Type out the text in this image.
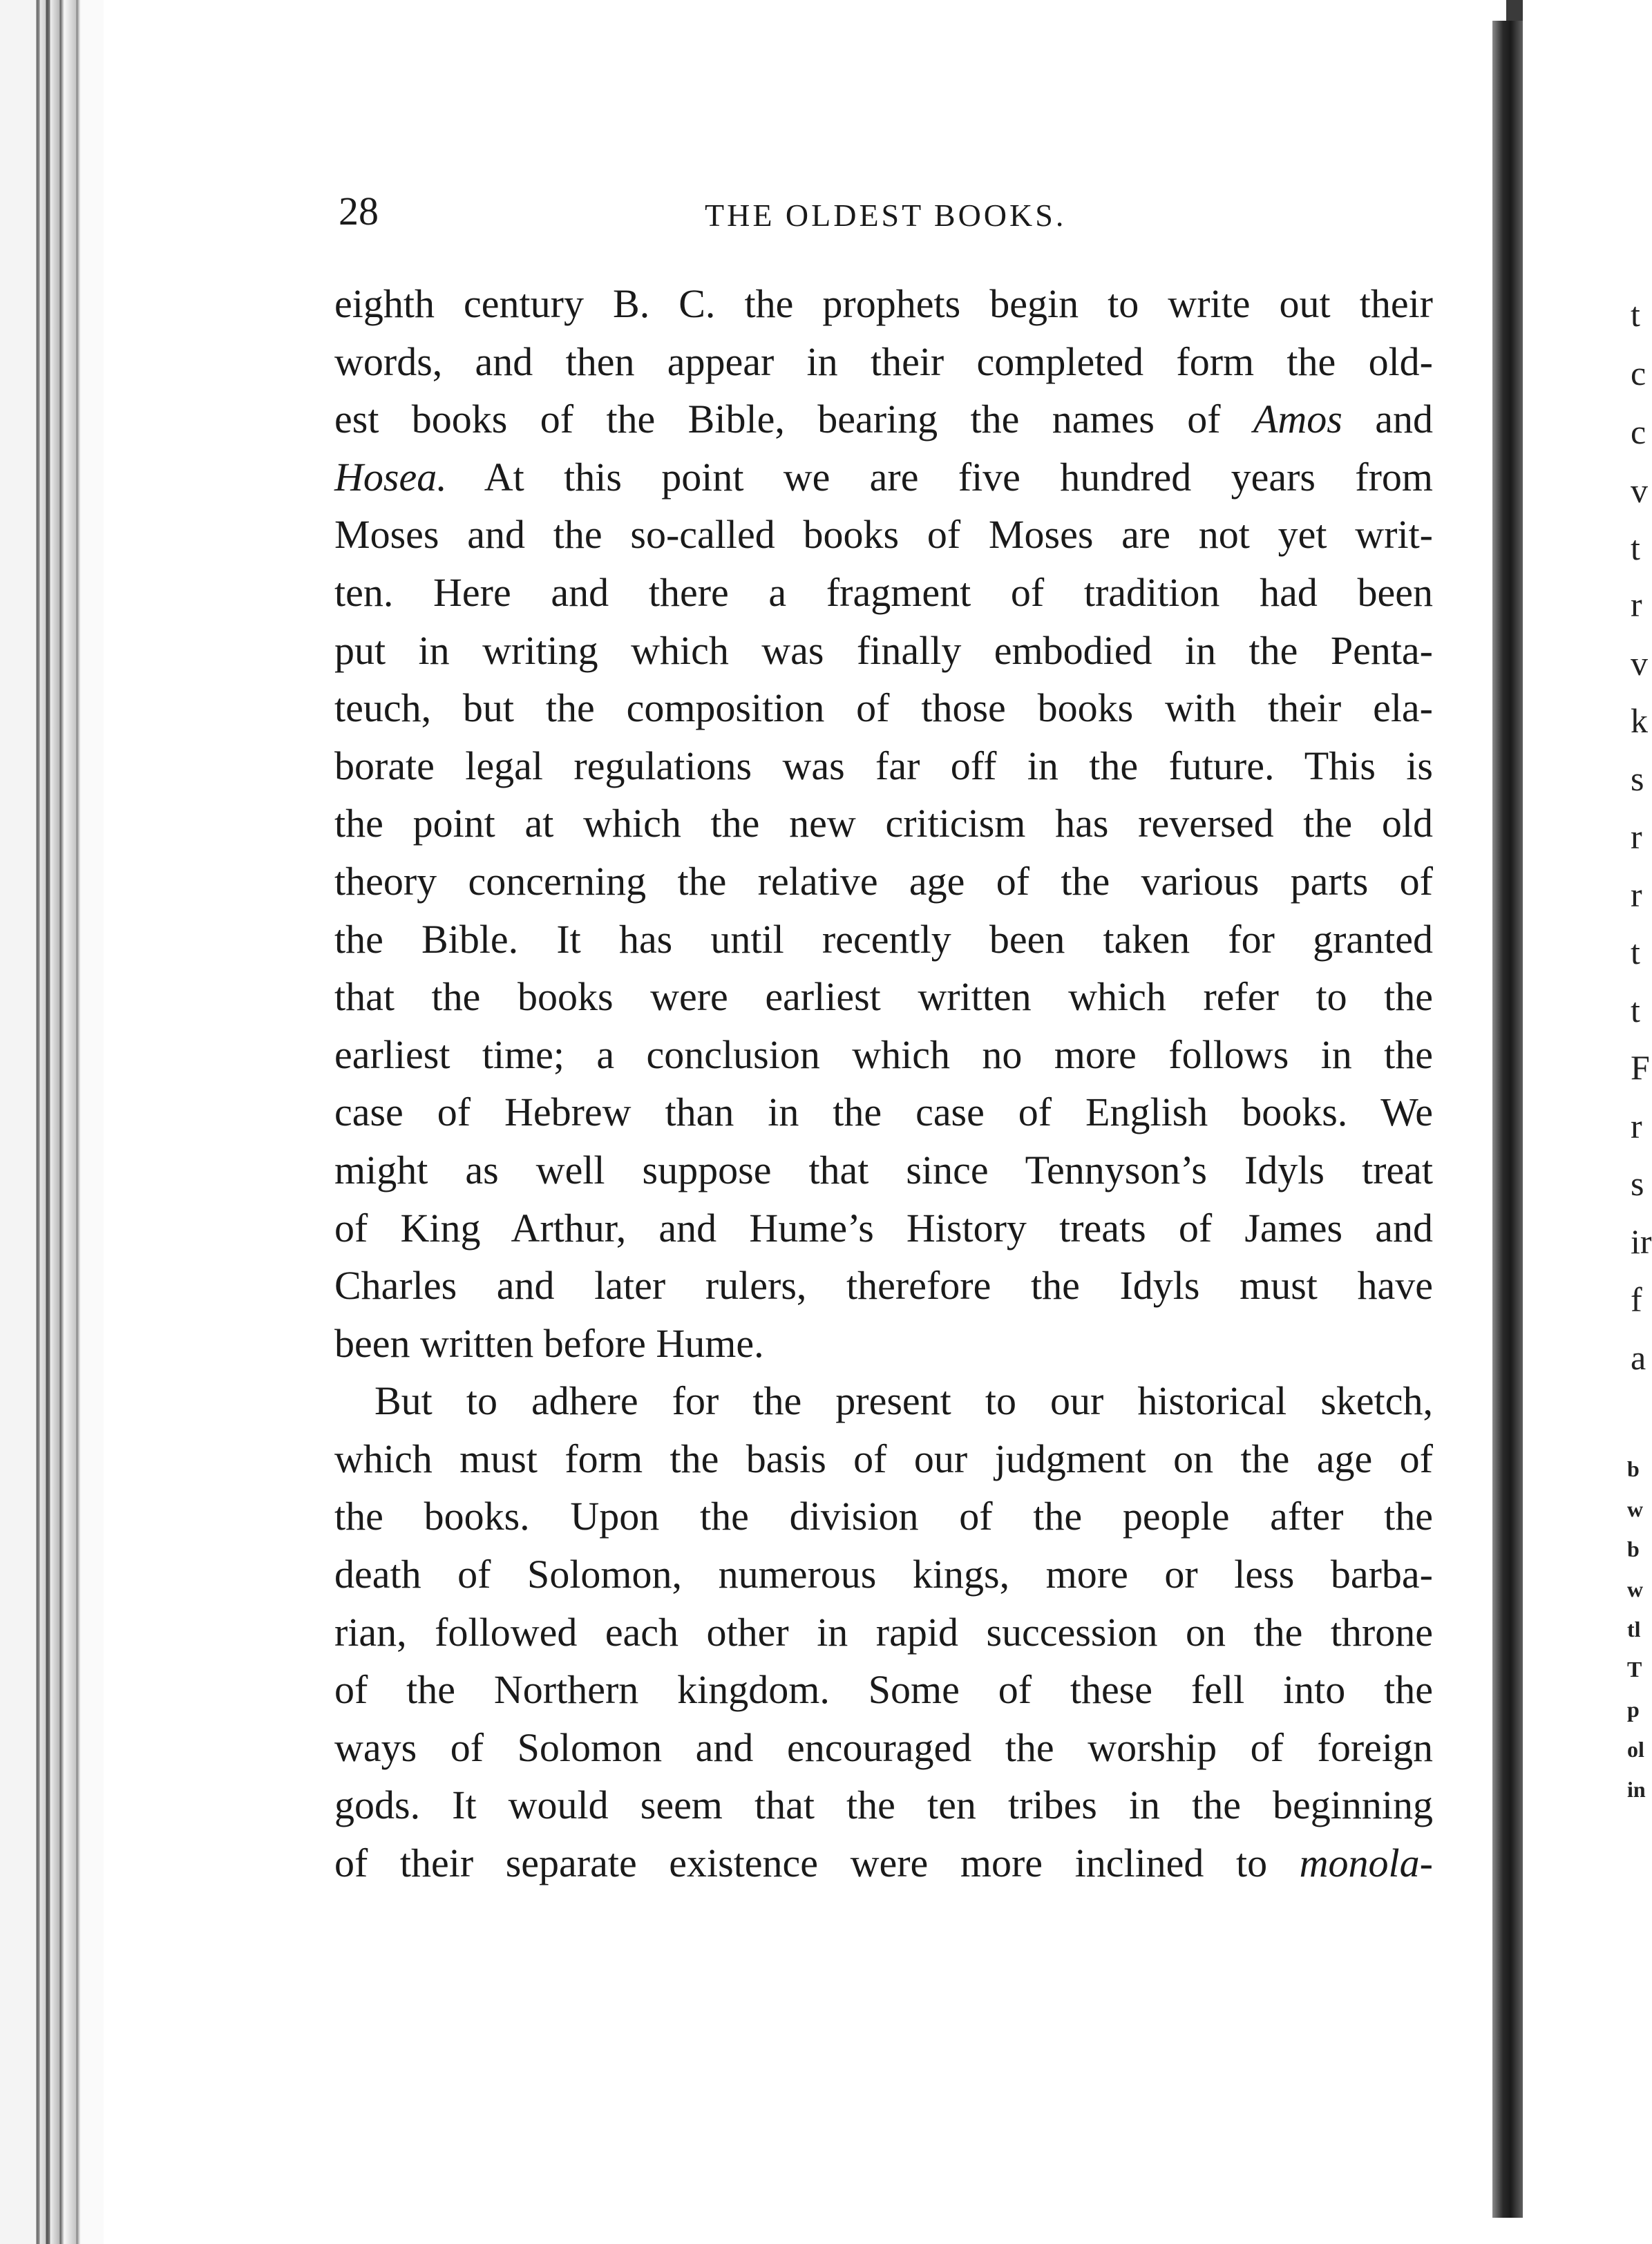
28	THE OLDEST BOOKS.
eighth century B. C. the prophets begin to write out their
words, and then appear in their completed form the old-
est books of the Bible, bearing the names of Amos and
Hosea. At this point we are five hundred years from
Moses and the so-called books of Moses are not yet writ-
ten. Here and there a fragment of tradition had been
put in writing which was finally embodied in the Penta-
teuch, but the composition of those books with their ela-
borate legal regulations was far off in the future. This is
the point at which the new criticism has reversed the old
theory concerning the relative age of the various parts of
the Bible. It has until recently been taken for granted
that the books were earliest written which refer to the
earliest time; a conclusion which no more follows in the
case of Hebrew than in the case of English books. We
might as well suppose that since Tennyson’s Idyls treat
of King Arthur, and Hume’s History treats of James and
Charles and later rulers, therefore the Idyls must have
been written before Hume.
But to adhere for the present to our historical sketch,
which must form the basis of our judgment on the age of
the books. Upon the division of the people after the
death of Solomon, numerous kings, more or less barba-
rian, followed each other in rapid succession on the throne
of the Northern kingdom. Some of these fell into the
ways of Solomon and encouraged the worship of foreign
gods. It would seem that the ten tribes in the beginning
of their separate existence were more inclined to monola-
t
c
c
v
t
r
v
k
s
r
r
t
t
F
r
s
ir
f
a
b
w
b
w
tl
T
p
ol
in
